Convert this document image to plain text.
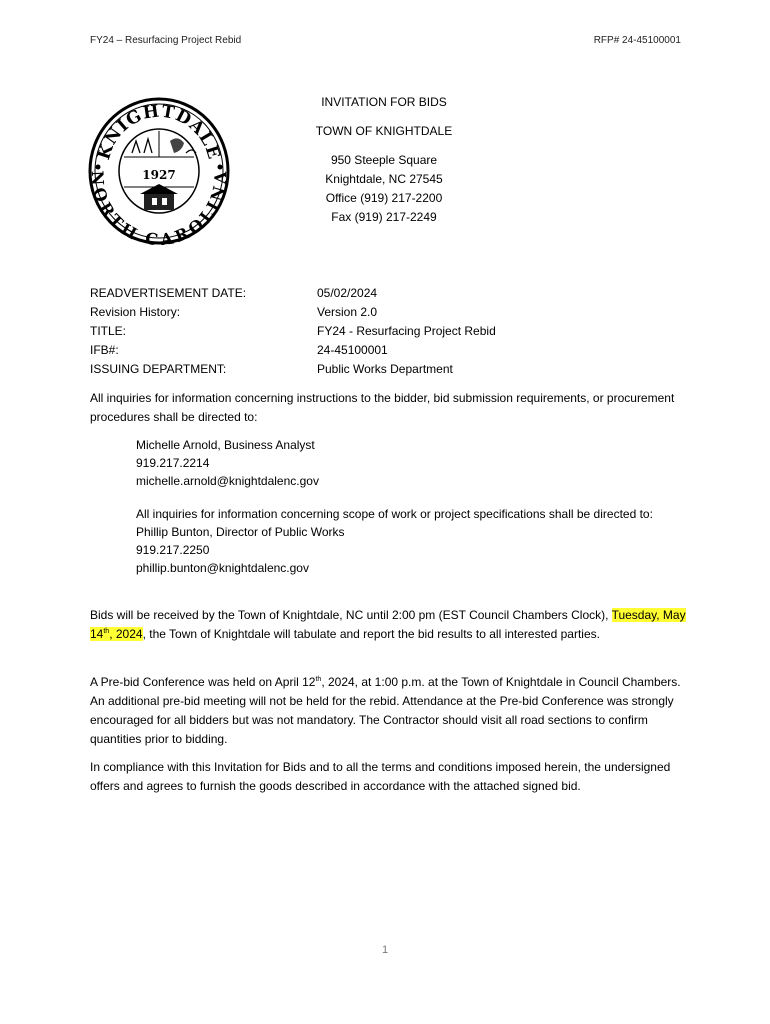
FY24 – Resurfacing Project Rebid	RFP# 24-45100001
KNIGHTDALE
NORTH CAROLINA
1927
INVITATION FOR BIDS
TOWN OF KNIGHTDALE
950 Steeple Square
Knightdale, NC 27545
Office (919) 217-2200
Fax (919) 217-2249
READVERTISEMENT DATE:	05/02/2024
Revision History:	Version 2.0
TITLE:	FY24 - Resurfacing Project Rebid
IFB#:	24-45100001
ISSUING DEPARTMENT:	Public Works Department
All inquiries for information concerning instructions to the bidder, bid submission requirements, or procurement procedures shall be directed to:
Michelle Arnold, Business Analyst
919.217.2214
michelle.arnold@knightdalenc.gov
All inquiries for information concerning scope of work or project specifications shall be directed to:
Phillip Bunton, Director of Public Works
919.217.2250
phillip.bunton@knightdalenc.gov
Bids will be received by the Town of Knightdale, NC until 2:00 pm (EST Council Chambers Clock), Tuesday, May 14th, 2024, the Town of Knightdale will tabulate and report the bid results to all interested parties.
A Pre-bid Conference was held on April 12th, 2024, at 1:00 p.m. at the Town of Knightdale in Council Chambers. An additional pre-bid meeting will not be held for the rebid. Attendance at the Pre-bid Conference was strongly encouraged for all bidders but was not mandatory. The Contractor should visit all road sections to confirm quantities prior to bidding.
In compliance with this Invitation for Bids and to all the terms and conditions imposed herein, the undersigned offers and agrees to furnish the goods described in accordance with the attached signed bid.
1
